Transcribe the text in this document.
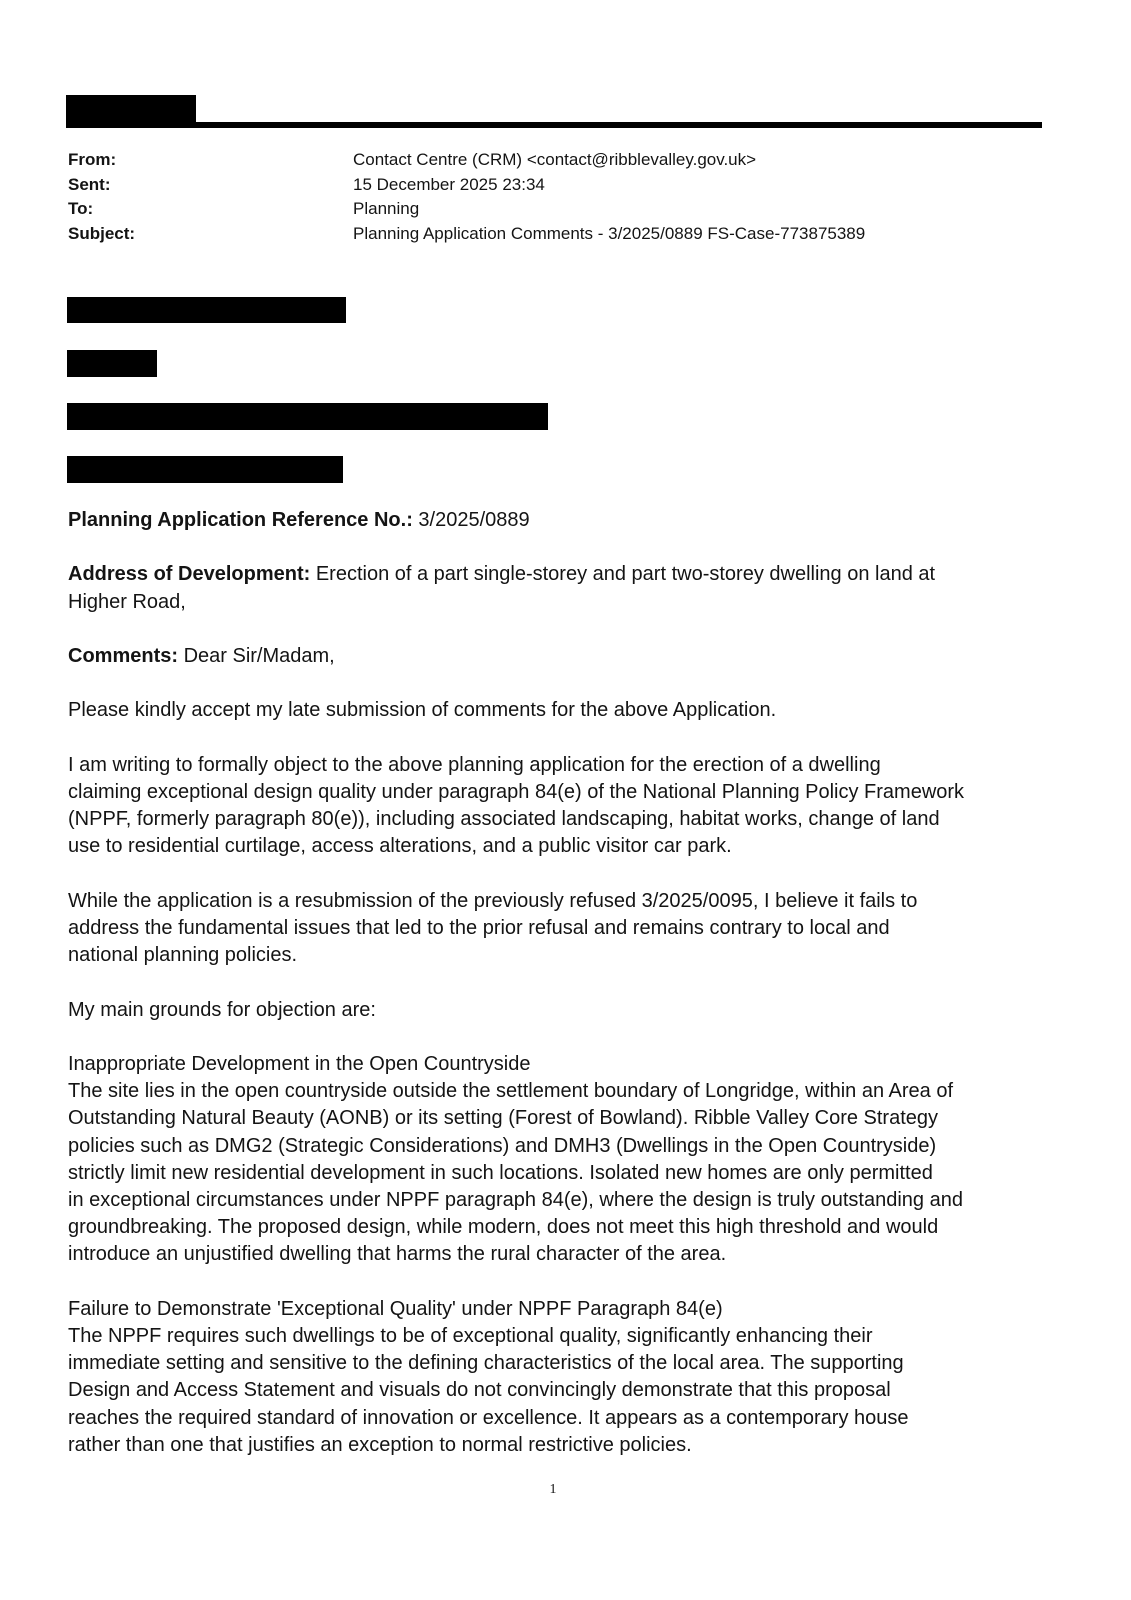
From:	Contact Centre (CRM) <contact@ribblevalley.gov.uk>
Sent:	15 December 2025 23:34
To:	Planning
Subject:	Planning Application Comments - 3/2025/0889 FS-Case-773875389

Planning Application Reference No.: 3/2025/0889

Address of Development: Erection of a part single-storey and part two-storey dwelling on land at
Higher Road,

Comments: Dear Sir/Madam,

Please kindly accept my late submission of comments for the above Application.

I am writing to formally object to the above planning application for the erection of a dwelling
claiming exceptional design quality under paragraph 84(e) of the National Planning Policy Framework
(NPPF, formerly paragraph 80(e)), including associated landscaping, habitat works, change of land
use to residential curtilage, access alterations, and a public visitor car park.

While the application is a resubmission of the previously refused 3/2025/0095, I believe it fails to
address the fundamental issues that led to the prior refusal and remains contrary to local and
national planning policies.

My main grounds for objection are:

Inappropriate Development in the Open Countryside
The site lies in the open countryside outside the settlement boundary of Longridge, within an Area of
Outstanding Natural Beauty (AONB) or its setting (Forest of Bowland). Ribble Valley Core Strategy
policies such as DMG2 (Strategic Considerations) and DMH3 (Dwellings in the Open Countryside)
strictly limit new residential development in such locations. Isolated new homes are only permitted
in exceptional circumstances under NPPF paragraph 84(e), where the design is truly outstanding and
groundbreaking. The proposed design, while modern, does not meet this high threshold and would
introduce an unjustified dwelling that harms the rural character of the area.

Failure to Demonstrate 'Exceptional Quality' under NPPF Paragraph 84(e)
The NPPF requires such dwellings to be of exceptional quality, significantly enhancing their
immediate setting and sensitive to the defining characteristics of the local area. The supporting
Design and Access Statement and visuals do not convincingly demonstrate that this proposal
reaches the required standard of innovation or excellence. It appears as a contemporary house
rather than one that justifies an exception to normal restrictive policies.

1
